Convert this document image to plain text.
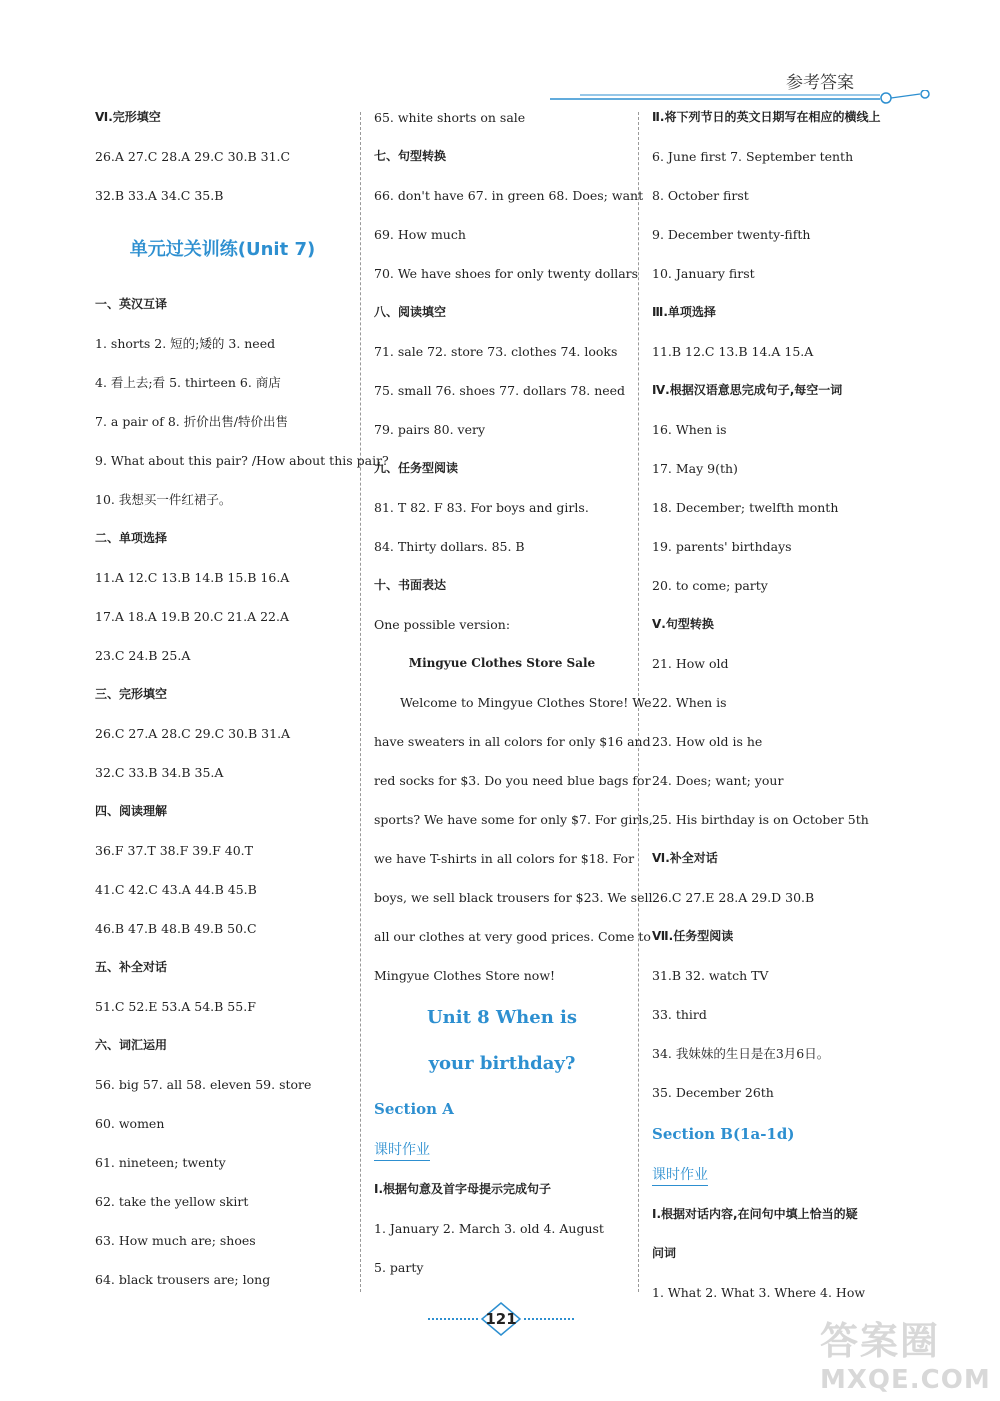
参考答案
Ⅵ.完形填空
26.A 27.C 28.A 29.C 30.B 31.C
32.B 33.A 34.C 35.B
单元过关训练(Unit 7)
一、英汉互译
1. shorts 2. 短的;矮的 3. need
4. 看上去;看 5. thirteen 6. 商店
7. a pair of 8. 折价出售/特价出售
9. What about this pair? /How about this pair?
10. 我想买一件红裙子。
二、单项选择
11.A 12.C 13.B 14.B 15.B 16.A
17.A 18.A 19.B 20.C 21.A 22.A
23.C 24.B 25.A
三、完形填空
26.C 27.A 28.C 29.C 30.B 31.A
32.C 33.B 34.B 35.A
四、阅读理解
36.F 37.T 38.F 39.F 40.T
41.C 42.C 43.A 44.B 45.B
46.B 47.B 48.B 49.B 50.C
五、补全对话
51.C 52.E 53.A 54.B 55.F
六、词汇运用
56. big 57. all 58. eleven 59. store
60. women
61. nineteen; twenty
62. take the yellow skirt
63. How much are; shoes
64. black trousers are; long
65. white shorts on sale
七、句型转换
66. don't have 67. in green 68. Does; want
69. How much
70. We have shoes for only twenty dollars
八、阅读填空
71. sale 72. store 73. clothes 74. looks
75. small 76. shoes 77. dollars 78. need
79. pairs 80. very
九、任务型阅读
81. T 82. F 83. For boys and girls.
84. Thirty dollars. 85. B
十、书面表达
One possible version:
Mingyue Clothes Store Sale
Welcome to Mingyue Clothes Store! We
have sweaters in all colors for only $16 and
red socks for $3. Do you need blue bags for
sports? We have some for only $7. For girls,
we have T-shirts in all colors for $18. For
boys, we sell black trousers for $23. We sell
all our clothes at very good prices. Come to
Mingyue Clothes Store now!
Unit 8 When is
your birthday?
Section A
课时作业
Ⅰ.根据句意及首字母提示完成句子
1. January 2. March 3. old 4. August
5. party
Ⅱ.将下列节日的英文日期写在相应的横线上
6. June first 7. September tenth
8. October first
9. December twenty-fifth
10. January first
Ⅲ.单项选择
11.B 12.C 13.B 14.A 15.A
Ⅳ.根据汉语意思完成句子,每空一词
16. When is
17. May 9(th)
18. December; twelfth month
19. parents' birthdays
20. to come; party
Ⅴ.句型转换
21. How old
22. When is
23. How old is he
24. Does; want; your
25. His birthday is on October 5th
Ⅵ.补全对话
26.C 27.E 28.A 29.D 30.B
Ⅶ.任务型阅读
31.B 32. watch TV
33. third
34. 我妹妹的生日是在3月6日。
35. December 26th
Section B(1a-1d)
课时作业
Ⅰ.根据对话内容,在问句中填上恰当的疑
问词
1. What 2. What 3. Where 4. How
121	答案圈
MXQE.COM
